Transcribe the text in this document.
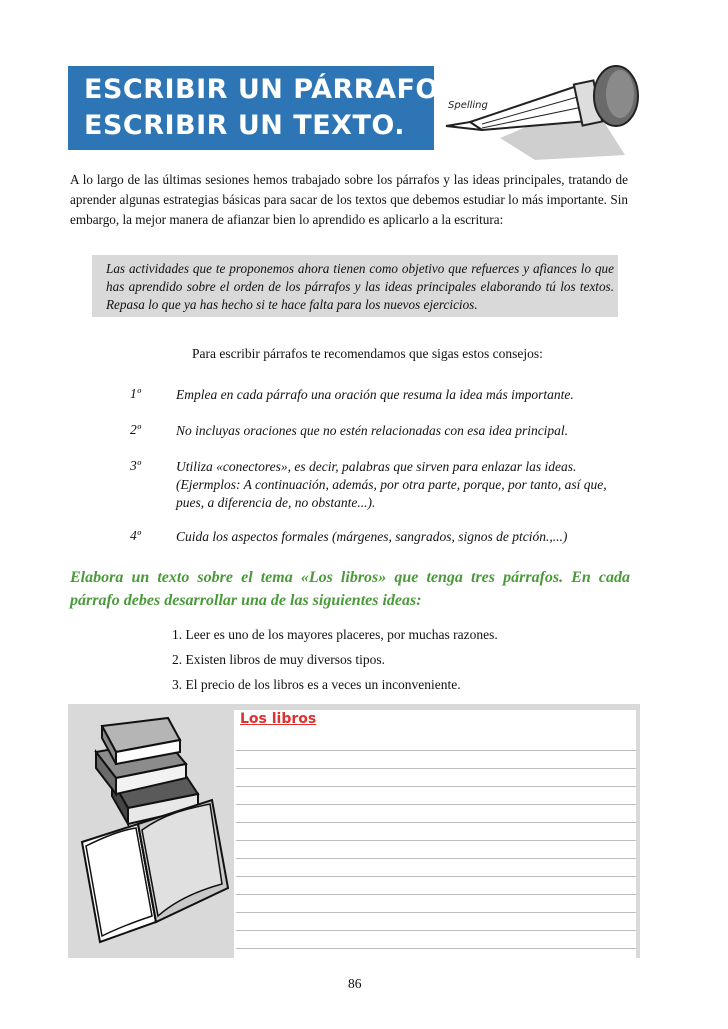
ESCRIBIR UN PÁRRAFO.
ESCRIBIR UN TEXTO.
Spelling
A lo largo de las últimas sesiones hemos trabajado sobre los párrafos y las ideas principales, tratando de aprender algunas estrategias básicas para sacar de los textos que debemos estudiar lo más importante. Sin embargo, la mejor manera de afianzar bien lo aprendido es aplicarlo a la escritura:
Las actividades que te proponemos ahora tienen como objetivo que refuerces y afiances lo que has aprendido sobre el orden de los párrafos y las ideas principales elaborando tú los textos. Repasa lo que ya has hecho si te hace falta para los nuevos ejercicios.
Para escribir párrafos te recomendamos que sigas estos consejos:
1º	Emplea en cada párrafo una oración que resuma la idea más importante.
2º	No incluyas oraciones que no estén relacionadas con esa idea principal.
3º	Utiliza «conectores», es decir, palabras que sirven para enlazar las ideas. (Ejermplos: A continuación, además, por otra parte, porque, por tanto, así que, pues, a diferencia de, no obstante...).
4º	Cuida los aspectos formales (márgenes, sangrados, signos de ptción.,...)
Elabora un texto sobre el tema «Los libros» que tenga tres párrafos. En cada párrafo debes desarrollar una de las siguientes ideas:
1. Leer es uno de los mayores placeres, por muchas razones.
2. Existen libros de muy diversos tipos.
3. El precio de los libros es a veces un inconveniente.
Los libros
86
